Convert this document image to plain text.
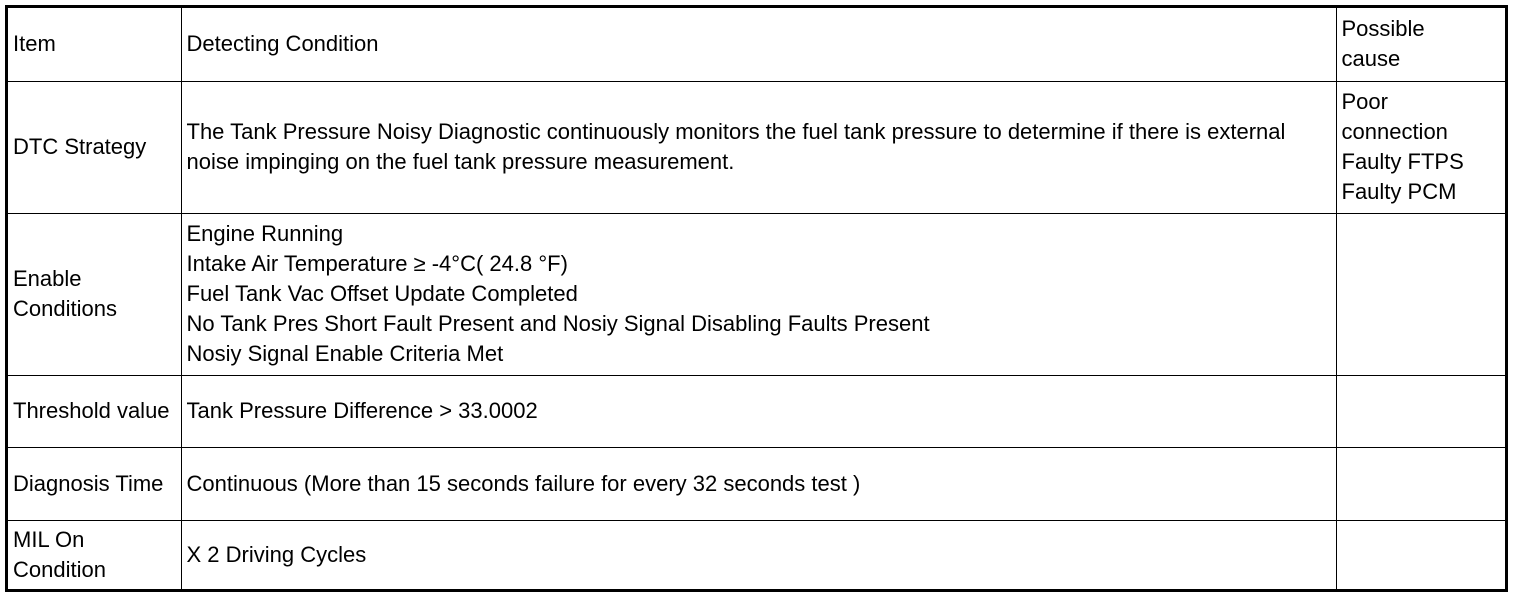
Item	Detecting Condition	Possible
cause

DTC Strategy	The Tank Pressure Noisy Diagnostic continuously monitors the fuel tank pressure to determine if there is external noise impinging on the fuel tank pressure measurement.	Poor
connection
Faulty FTPS
Faulty PCM

Enable Conditions	Engine Running
Intake Air Temperature ≥ -4°C( 24.8 °F)
Fuel Tank Vac Offset Update Completed
No Tank Pres Short Fault Present and Nosiy Signal Disabling Faults Present
Nosiy Signal Enable Criteria Met	

Threshold value	Tank Pressure Difference > 33.0002	
Diagnosis Time	Continuous (More than 15 seconds failure for every 32 seconds test )	
MIL On Condition	X 2 Driving Cycles	
